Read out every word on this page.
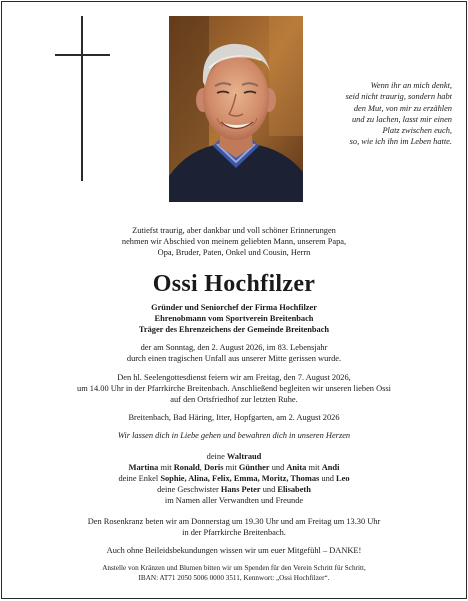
Wenn ihr an mich denkt,
seid nicht traurig, sondern habt
den Mut, von mir zu erzählen
und zu lachen, lasst mir einen
Platz zwischen euch,
so, wie ich ihn im Leben hatte.
Zutiefst traurig, aber dankbar und voll schöner Erinnerungen
nehmen wir Abschied von meinem geliebten Mann, unserem Papa,
Opa, Bruder, Paten, Onkel und Cousin, Herrn
Ossi Hochfilzer
Gründer und Seniorchef der Firma Hochfilzer
Ehrenobmann vom Sportverein Breitenbach
Träger des Ehrenzeichens der Gemeinde Breitenbach
der am Sonntag, den 2. August 2026, im 83. Lebensjahr
durch einen tragischen Unfall aus unserer Mitte gerissen wurde.
Den hl. Seelengottesdienst feiern wir am Freitag, den 7. August 2026,
um 14.00 Uhr in der Pfarrkirche Breitenbach. Anschließend begleiten wir unseren lieben Ossi
auf den Ortsfriedhof zur letzten Ruhe.
Breitenbach, Bad Häring, Itter, Hopfgarten, am 2. August 2026
Wir lassen dich in Liebe gehen und bewahren dich in unseren Herzen
deine Waltraud
Martina mit Ronald, Doris mit Günther und Anita mit Andi
deine Enkel Sophie, Alina, Felix, Emma, Moritz, Thomas und Leo
deine Geschwister Hans Peter und Elisabeth
im Namen aller Verwandten und Freunde
Den Rosenkranz beten wir am Donnerstag um 19.30 Uhr und am Freitag um 13.30 Uhr
in der Pfarrkirche Breitenbach.
Auch ohne Beileidsbekundungen wissen wir um euer Mitgefühl – DANKE!
Anstelle von Kränzen und Blumen bitten wir um Spenden für den Verein Schritt für Schritt,
IBAN: AT71 2050 5006 0000 3511, Kennwort: „Ossi Hochfilzer“.
